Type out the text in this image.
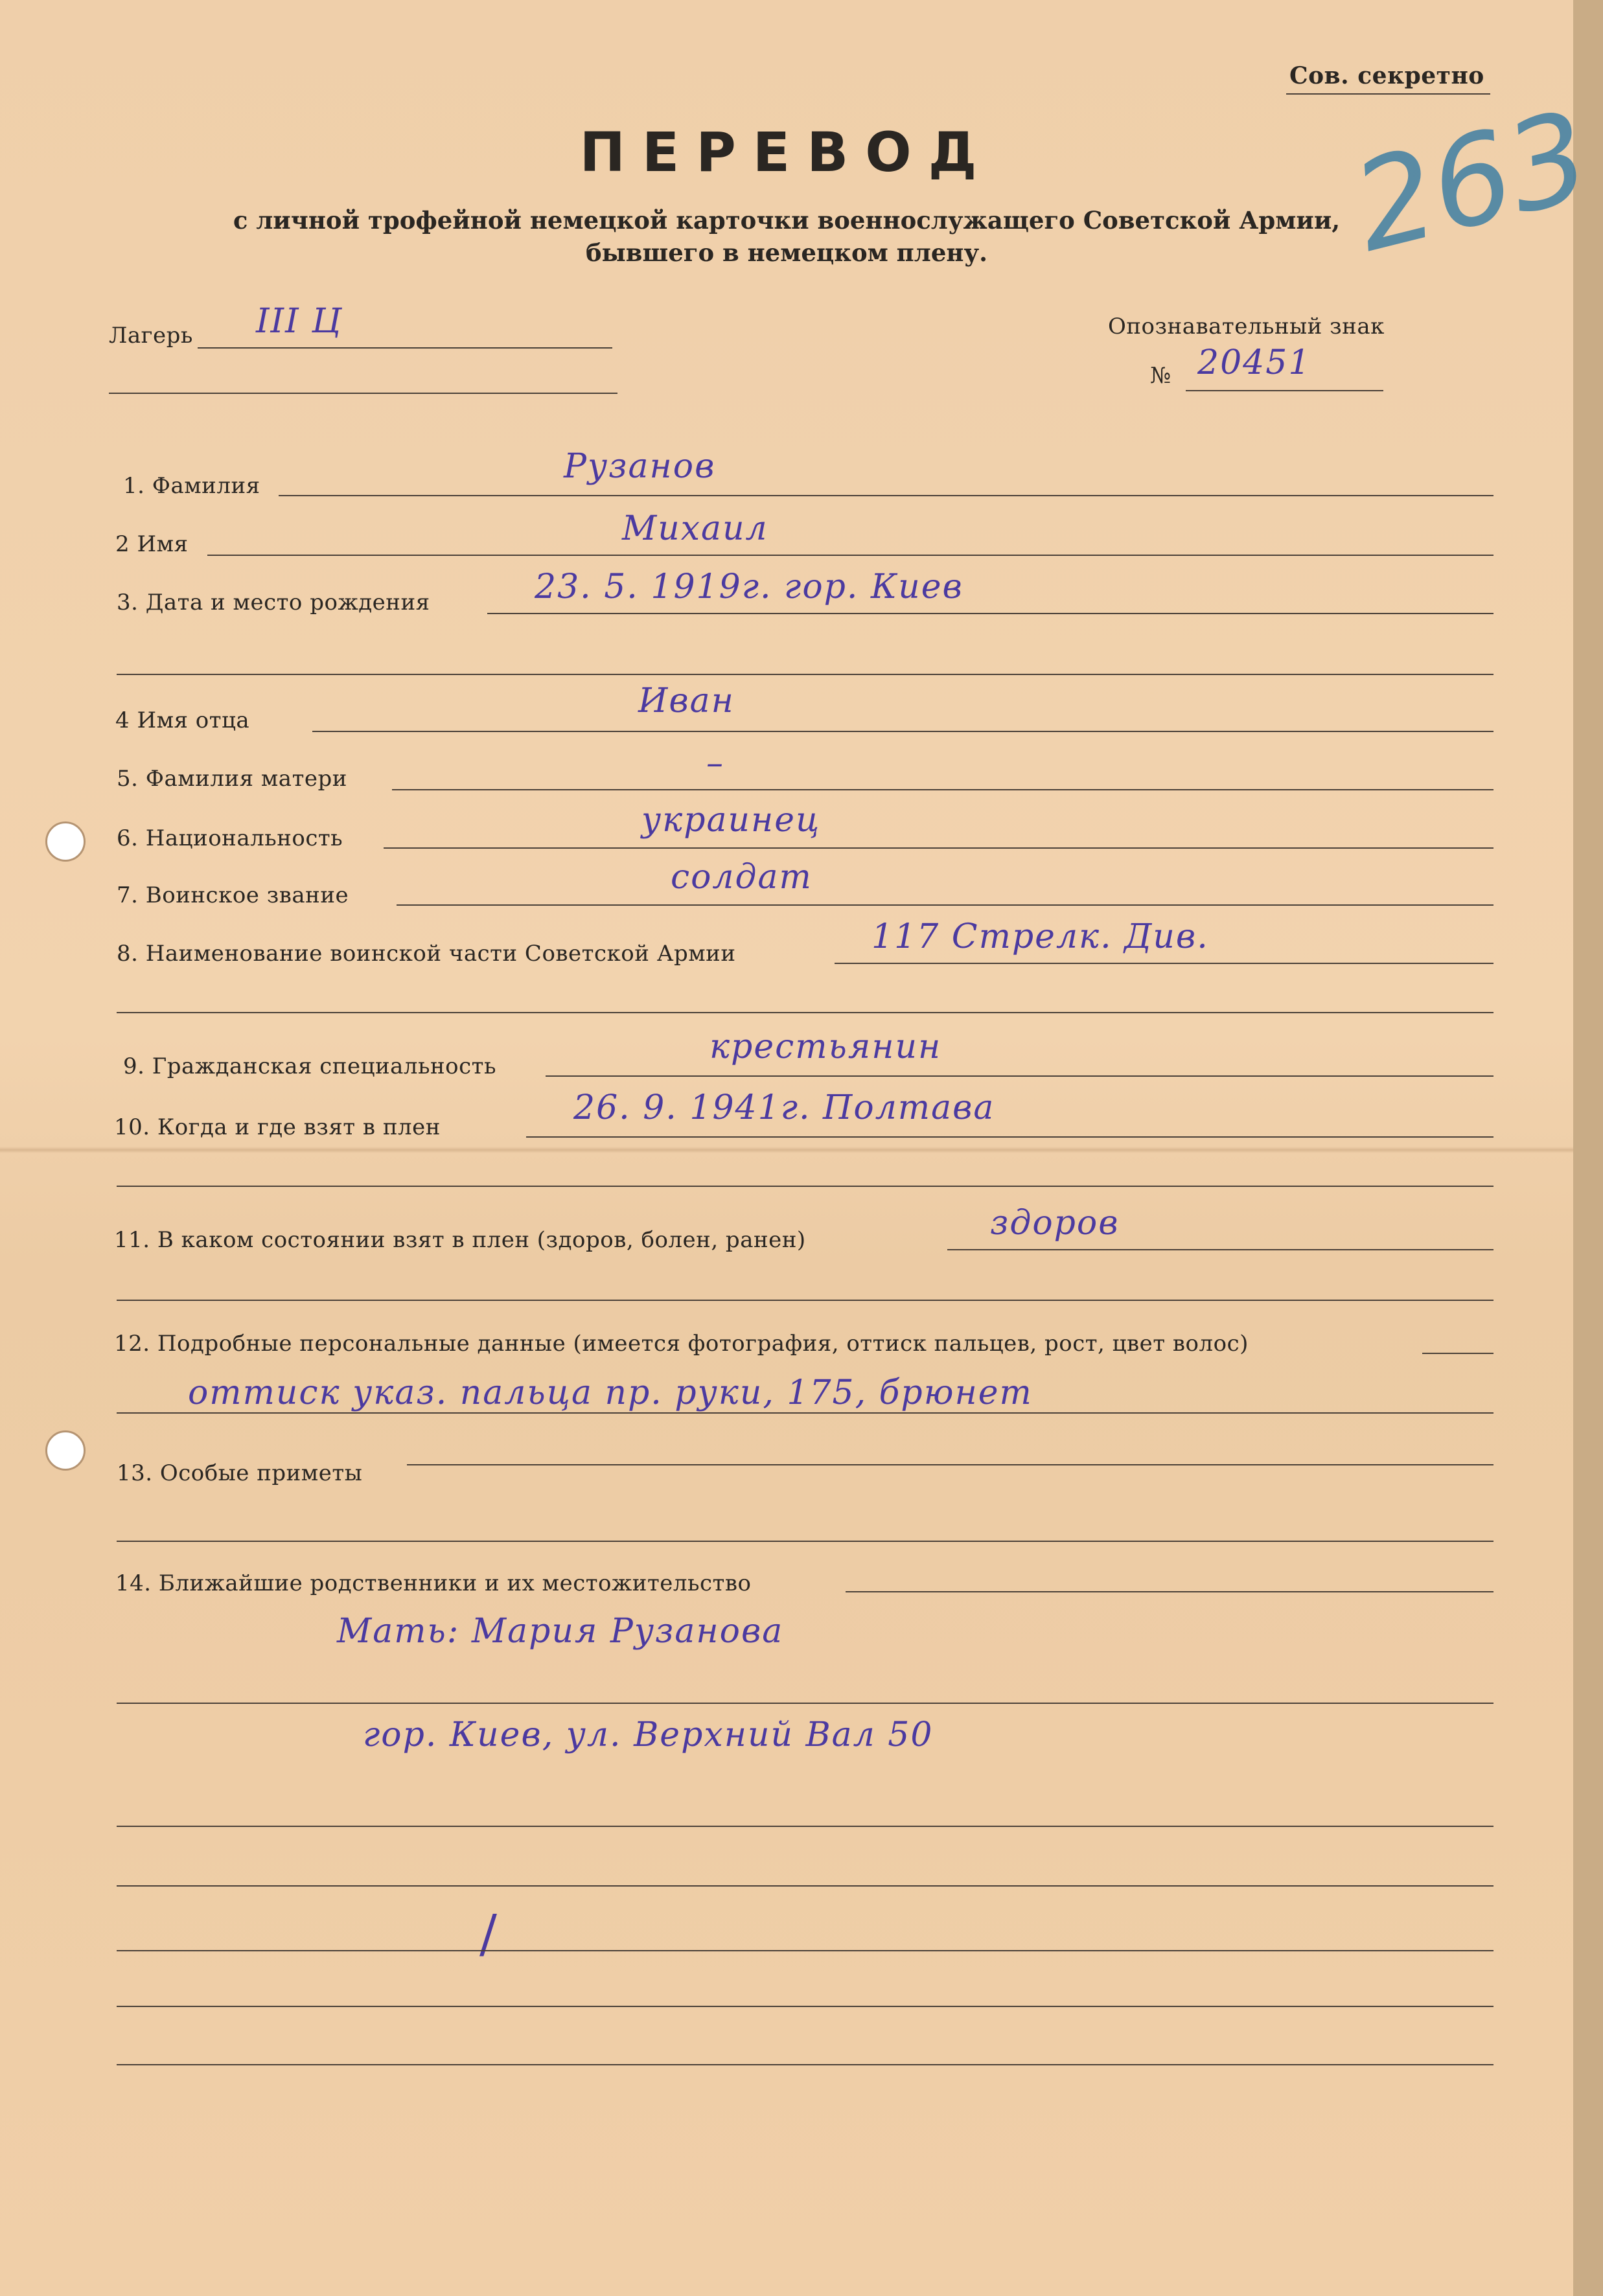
Сов. секретно
263
ПЕРЕВОД
с личной трофейной немецкой карточки военнослужащего Советской Армии,
бывшего в немецком плену.
Лагерь III Ц	Опознавательный знак
№ 20451
1. Фамилия	Рузанов
2 Имя	Михаил
3. Дата и место рождения	23. 5. 1919г. гор. Киев
4 Имя отца	Иван
5. Фамилия матери	–
6. Национальность	украинец
7. Воинское звание	солдат
8. Наименование воинской части Советской Армии	117 Стрелк. Див.
9. Гражданская специальность	крестьянин
10. Когда и где взят в плен	26. 9. 1941г. Полтава
11. В каком состоянии взят в плен (здоров, болен, ранен)	здоров
12. Подробные персональные данные (имеется фотография, оттиск пальцев, рост, цвет волос)
оттиск указ. пальца пр. руки, 175, брюнет
13. Особые приметы
14. Ближайшие родственники и их местожительство
Мать: Мария Рузанова
гор. Киев, ул. Верхний Вал 50
/
